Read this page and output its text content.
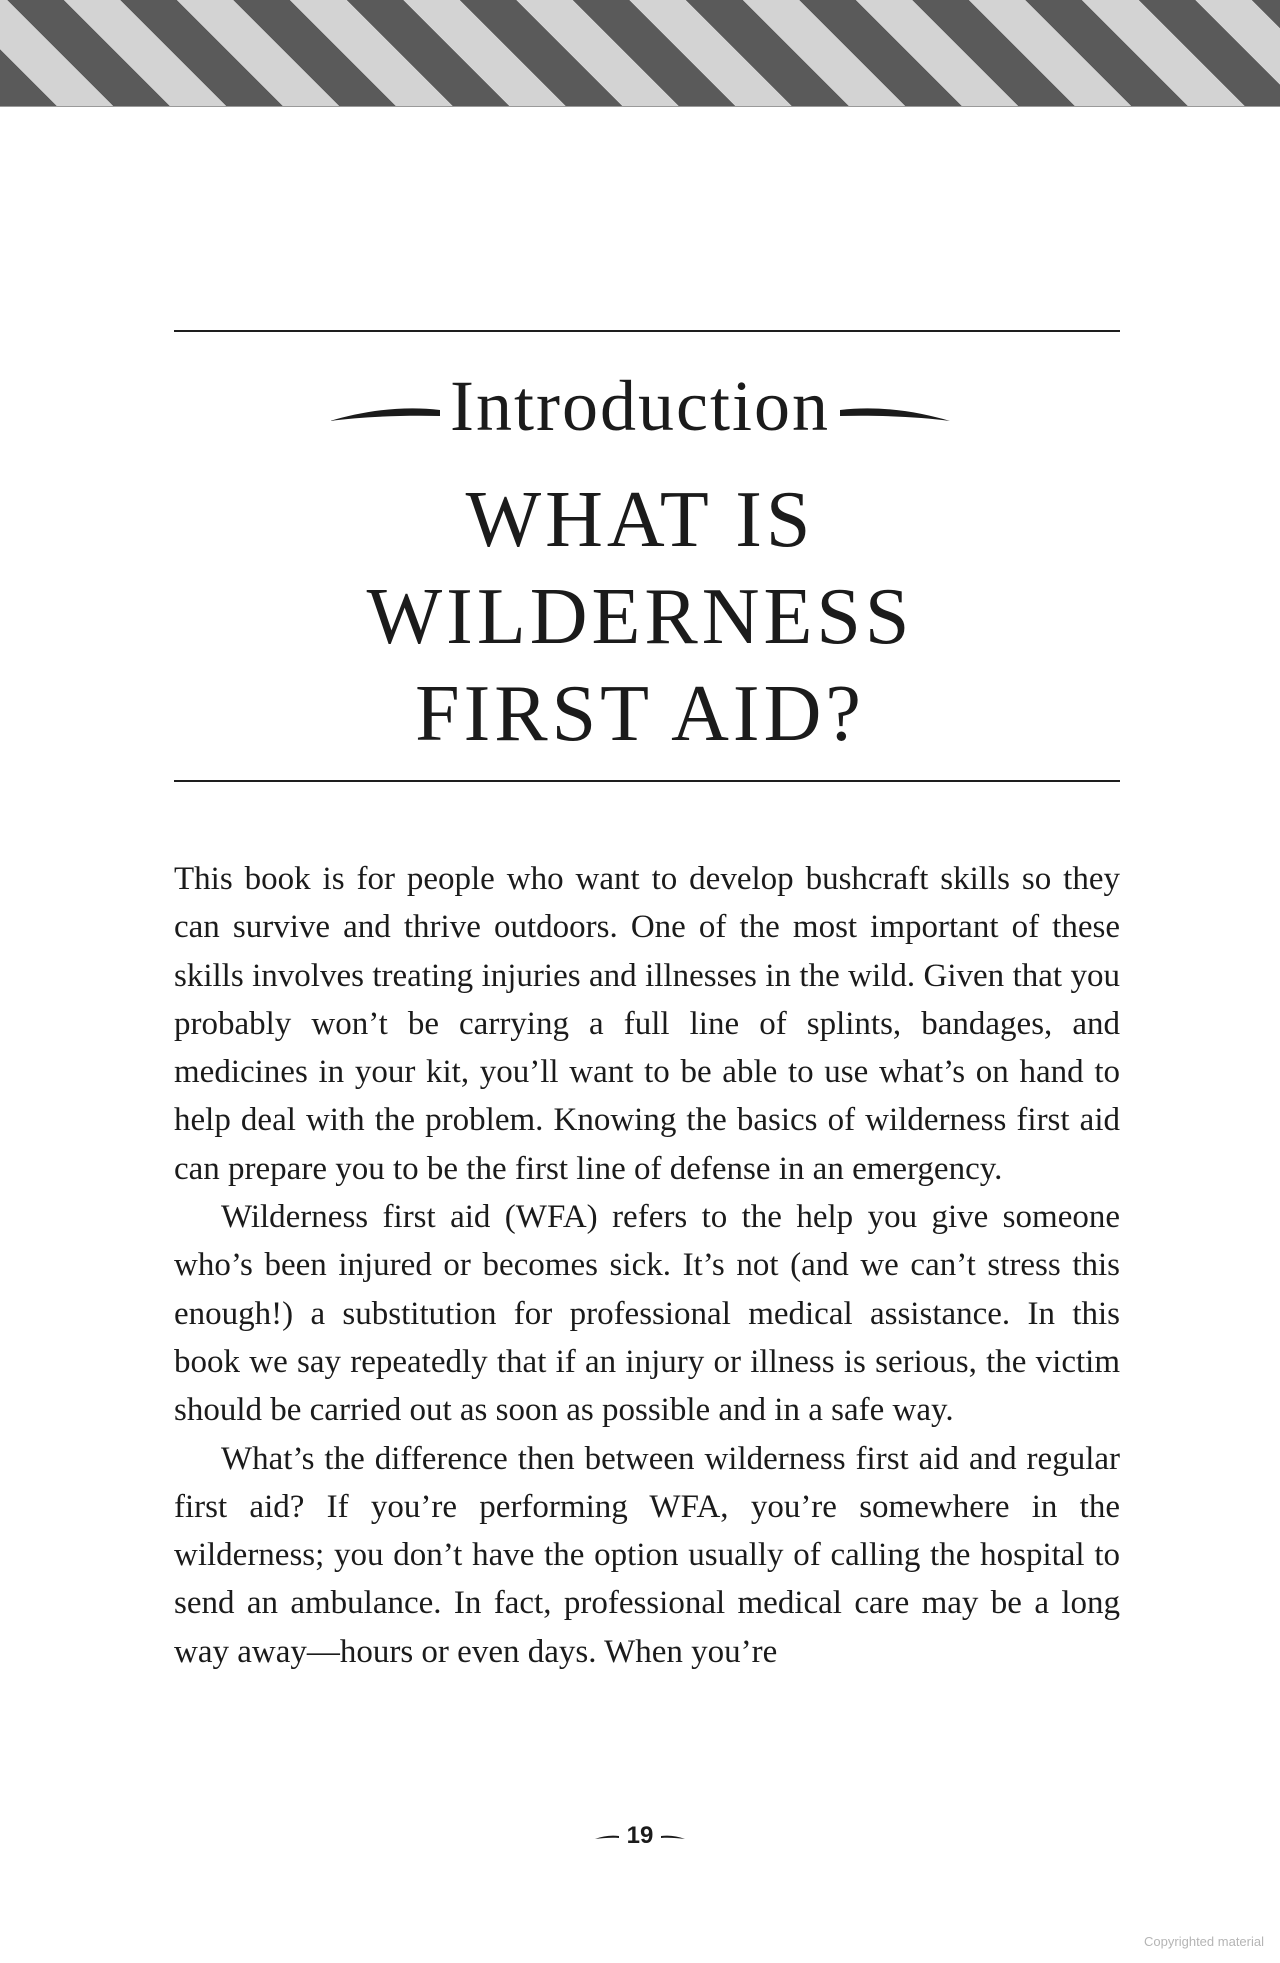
Introduction
WHAT IS
WILDERNESS
FIRST AID?

This book is for people who want to develop bushcraft skills so they can survive and thrive outdoors. One of the most important of these skills involves treating injuries and illnesses in the wild. Given that you probably won’t be carrying a full line of splints, bandages, and medicines in your kit, you’ll want to be able to use what’s on hand to help deal with the problem. Knowing the basics of wilderness first aid can prepare you to be the first line of defense in an emergency.

Wilderness first aid (WFA) refers to the help you give someone who’s been injured or becomes sick. It’s not (and we can’t stress this enough!) a substitution for professional medical assistance. In this book we say repeatedly that if an injury or illness is serious, the victim should be carried out as soon as possible and in a safe way.

What’s the difference then between wilderness first aid and regular first aid? If you’re performing WFA, you’re somewhere in the wilderness; you don’t have the option usually of calling the hospital to send an ambulance. In fact, professional medical care may be a long way away—hours or even days. When you’re

19
Copyrighted material
